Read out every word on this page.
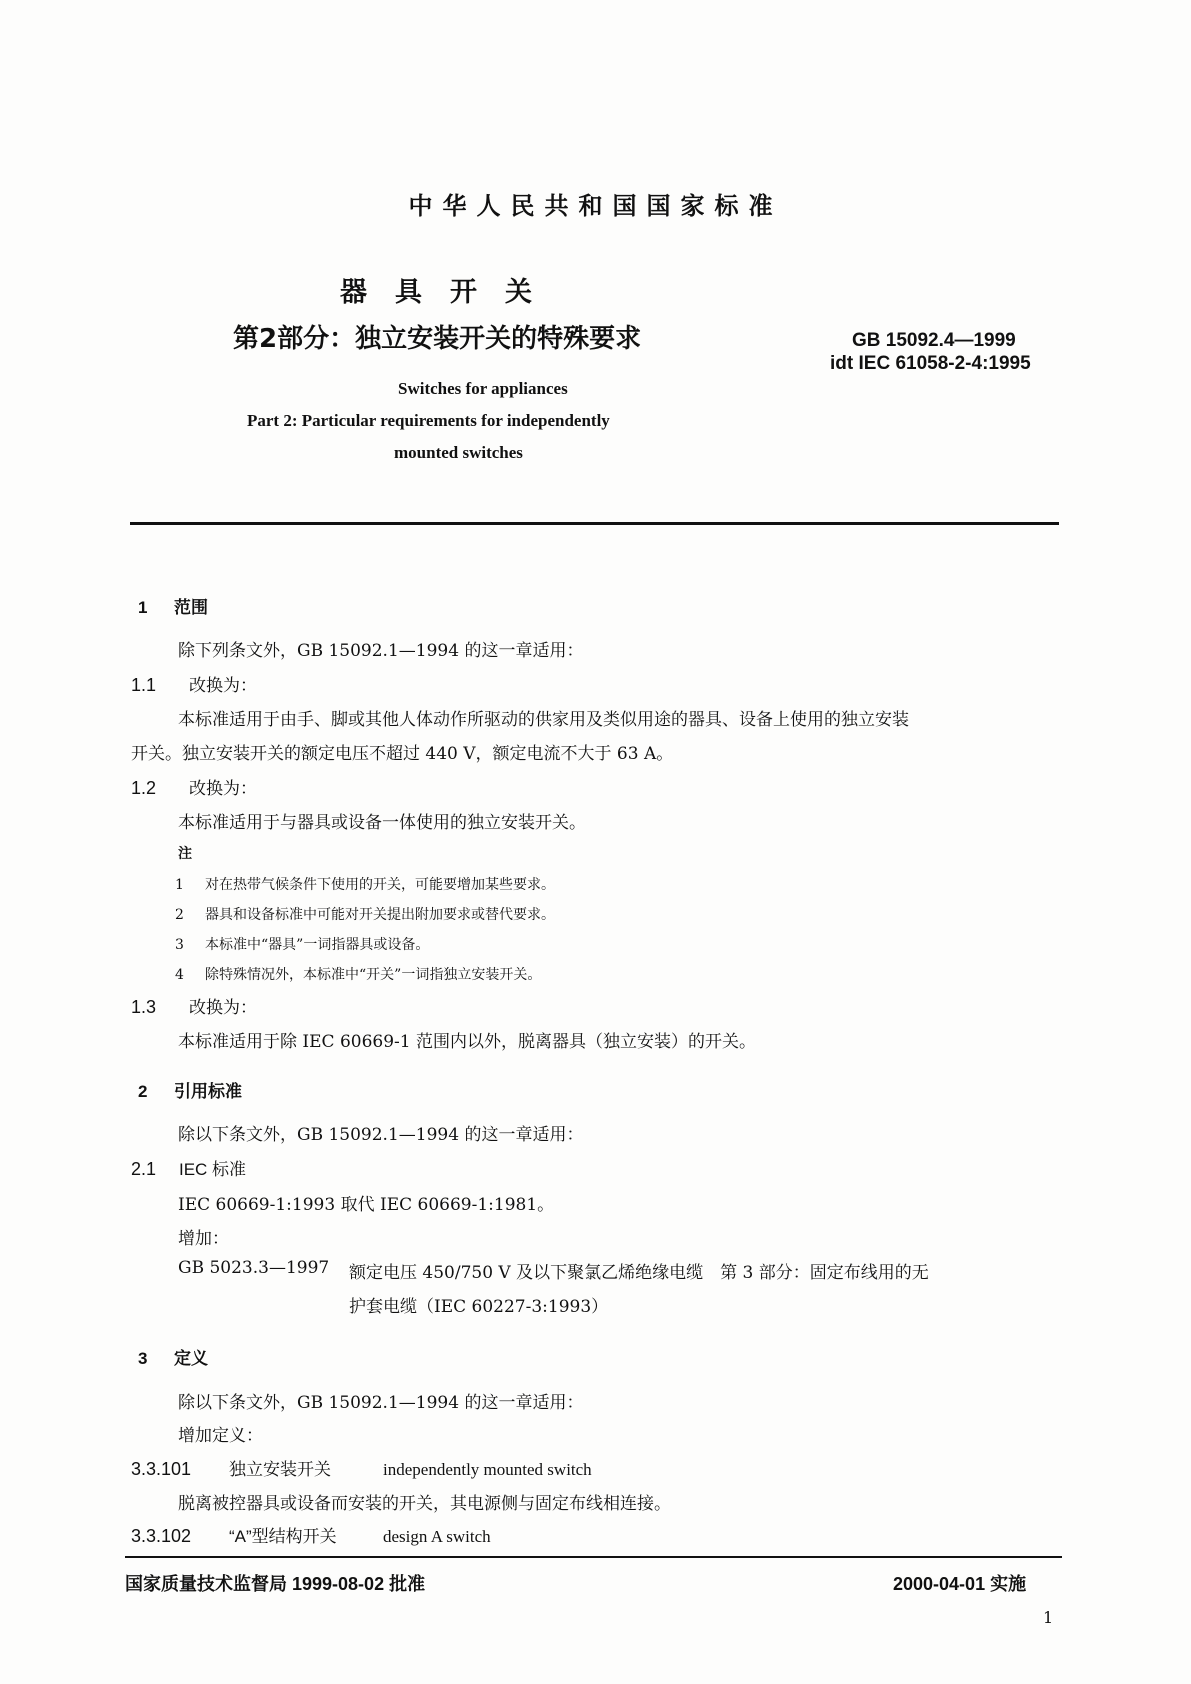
中华人民共和国国家标准
器具开关
第2部分：独立安装开关的特殊要求	GB 15092.4—1999
idt IEC 61058-2-4:1995
Switches for appliances
Part 2: Particular requirements for independently
mounted switches
1 范围
除下列条文外，GB 15092.1—1994 的这一章适用：
1.1 改换为：
本标准适用于由手、脚或其他人体动作所驱动的供家用及类似用途的器具、设备上使用的独立安装
开关。独立安装开关的额定电压不超过 440 V，额定电流不大于 63 A。
1.2 改换为：
本标准适用于与器具或设备一体使用的独立安装开关。
注
1 对在热带气候条件下使用的开关，可能要增加某些要求。
2 器具和设备标准中可能对开关提出附加要求或替代要求。
3 本标准中“器具”一词指器具或设备。
4 除特殊情况外，本标准中“开关”一词指独立安装开关。
1.3 改换为：
本标准适用于除 IEC 60669-1 范围内以外，脱离器具（独立安装）的开关。
2 引用标准
除以下条文外，GB 15092.1—1994 的这一章适用：
2.1 IEC 标准
IEC 60669-1:1993 取代 IEC 60669-1:1981。
增加：
GB 5023.3—1997 额定电压 450/750 V 及以下聚氯乙烯绝缘电缆　第 3 部分：固定布线用的无
护套电缆（IEC 60227-3:1993）
3 定义
除以下条文外，GB 15092.1—1994 的这一章适用：
增加定义：
3.3.101 独立安装开关	independently mounted switch
脱离被控器具或设备而安装的开关，其电源侧与固定布线相连接。
3.3.102 “A”型结构开关	design A switch
国家质量技术监督局 1999-08-02 批准	2000-04-01 实施
1
